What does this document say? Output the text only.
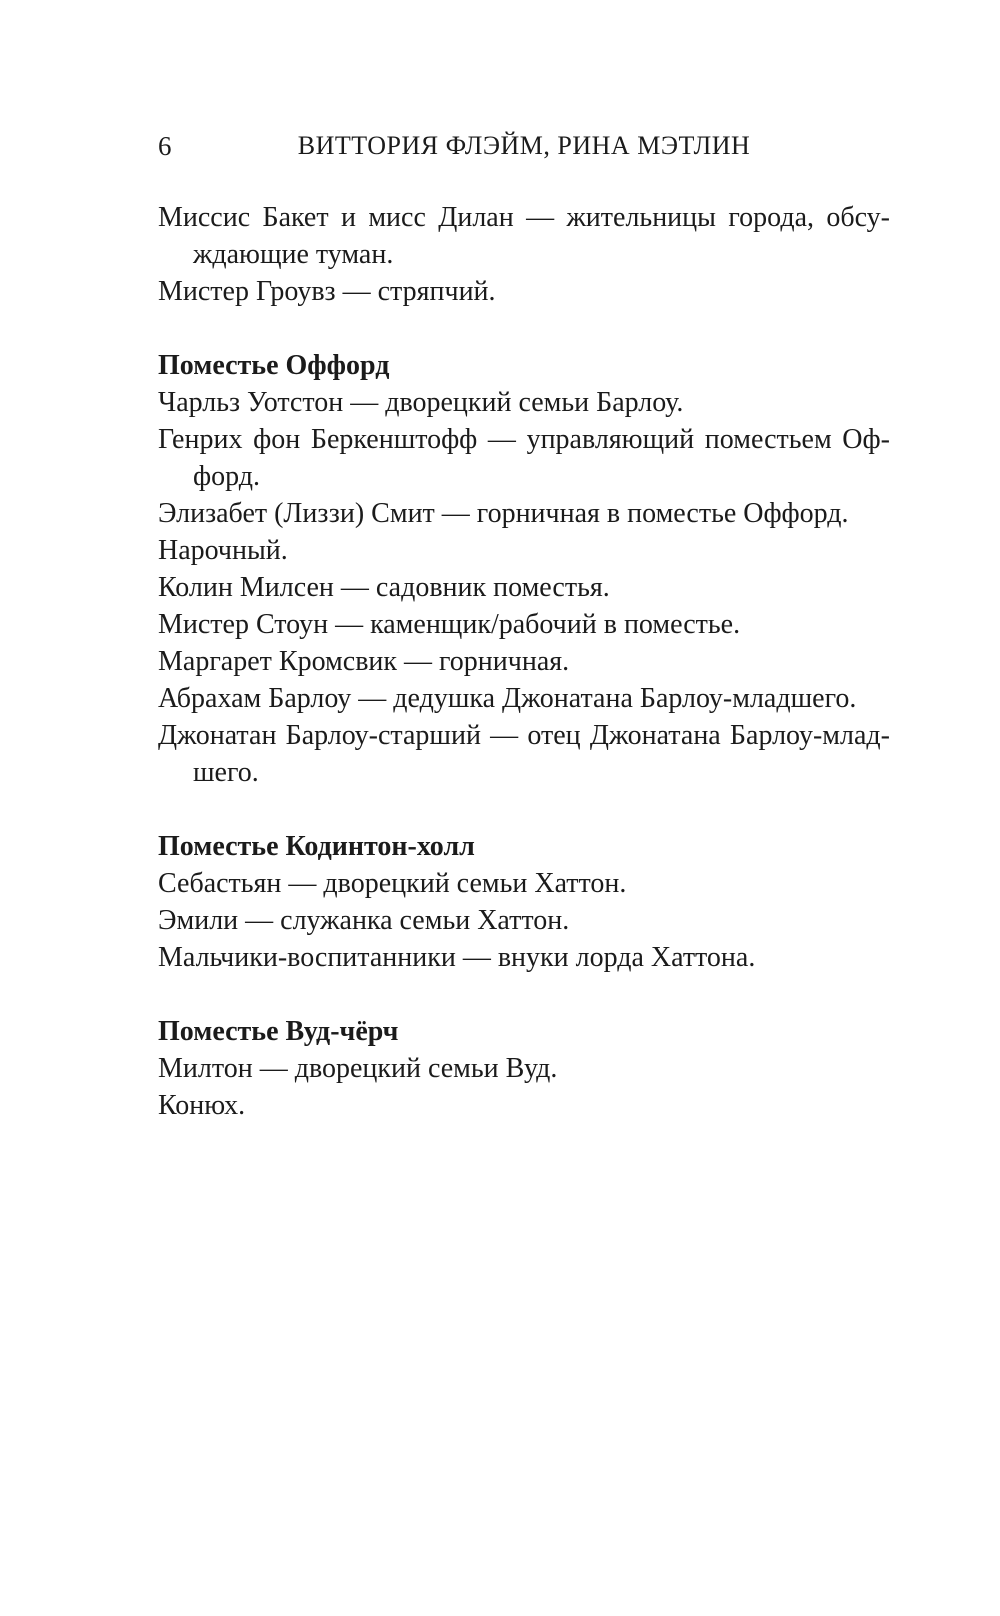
6	ВИТТОРИЯ ФЛЭЙМ, РИНА МЭТЛИН
Миссис Бакет и мисс Дилан — жительницы города, обсу-
ждающие туман.
Мистер Гроувз — стряпчий.
Поместье Оффорд
Чарльз Уотстон — дворецкий семьи Барлоу.
Генрих фон Беркенштофф — управляющий поместьем Оф-
форд.
Элизабет (Лиззи) Смит — горничная в поместье Оффорд.
Нарочный.
Колин Милсен — садовник поместья.
Мистер Стоун — каменщик/рабочий в поместье.
Маргарет Кромсвик — горничная.
Абрахам Барлоу — дедушка Джонатана Барлоу-младшего.
Джонатан Барлоу-старший — отец Джонатана Барлоу-млад-
шего.
Поместье Кодинтон-холл
Себастьян — дворецкий семьи Хаттон.
Эмили — служанка семьи Хаттон.
Мальчики-воспитанники — внуки лорда Хаттона.
Поместье Вуд-чёрч
Милтон — дворецкий семьи Вуд.
Конюх.
